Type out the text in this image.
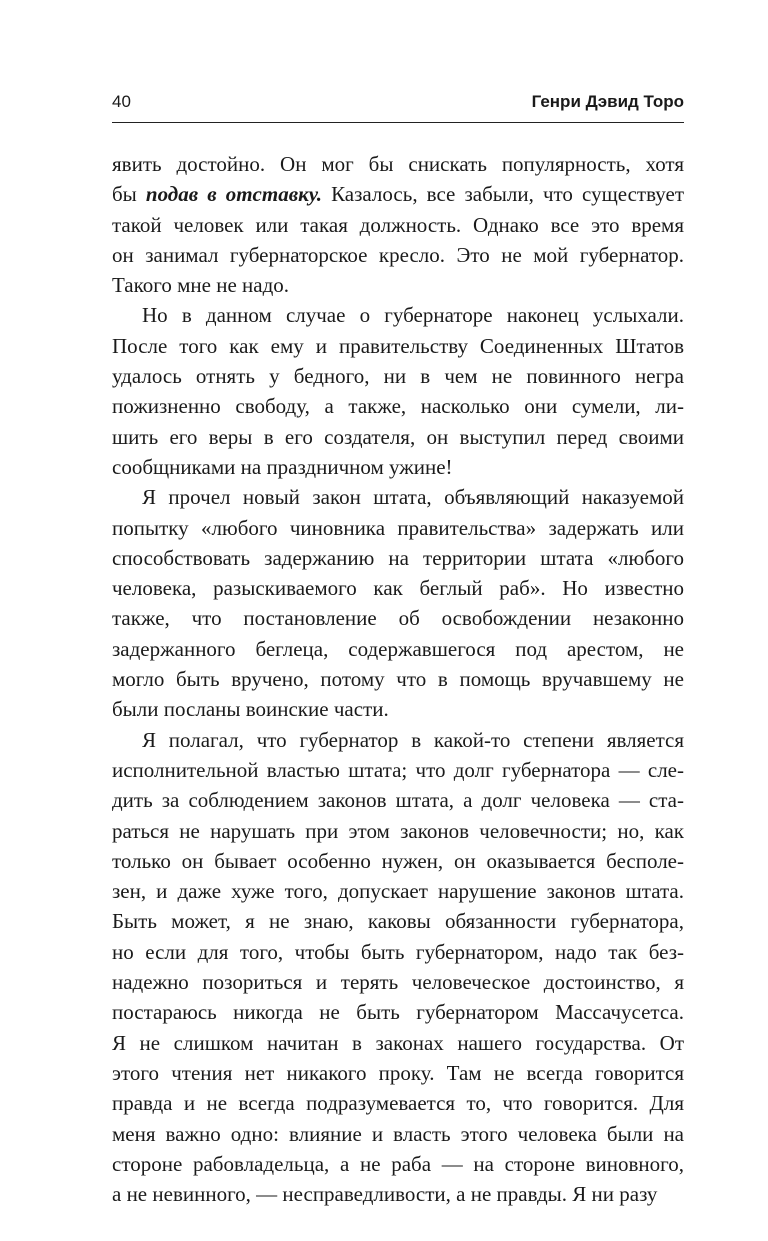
40	Генри Дэвид Торо
явить достойно. Он мог бы снискать популярность, хотя
бы подав в отставку. Казалось, все забыли, что существует
такой человек или такая должность. Однако все это время
он занимал губернаторское кресло. Это не мой губернатор.
Такого мне не надо.
Но в данном случае о губернаторе наконец услыхали.
После того как ему и правительству Соединенных Штатов
удалось отнять у бедного, ни в чем не повинного негра
пожизненно свободу, а также, насколько они сумели, ли-
шить его веры в его создателя, он выступил перед своими
сообщниками на праздничном ужине!
Я прочел новый закон штата, объявляющий наказуемой
попытку «любого чиновника правительства» задержать или
способствовать задержанию на территории штата «любого
человека, разыскиваемого как беглый раб». Но известно
также, что постановление об освобождении незаконно
задержанного беглеца, содержавшегося под арестом, не
могло быть вручено, потому что в помощь вручавшему не
были посланы воинские части.
Я полагал, что губернатор в какой-то степени является
исполнительной властью штата; что долг губернатора — сле-
дить за соблюдением законов штата, а долг человека — ста-
раться не нарушать при этом законов человечности; но, как
только он бывает особенно нужен, он оказывается бесполе-
зен, и даже хуже того, допускает нарушение законов штата.
Быть может, я не знаю, каковы обязанности губернатора,
но если для того, чтобы быть губернатором, надо так без-
надежно позориться и терять человеческое достоинство, я
постараюсь никогда не быть губернатором Массачусетса.
Я не слишком начитан в законах нашего государства. От
этого чтения нет никакого проку. Там не всегда говорится
правда и не всегда подразумевается то, что говорится. Для
меня важно одно: влияние и власть этого человека были на
стороне рабовладельца, а не раба — на стороне виновного,
а не невинного, — несправедливости, а не правды. Я ни разу
